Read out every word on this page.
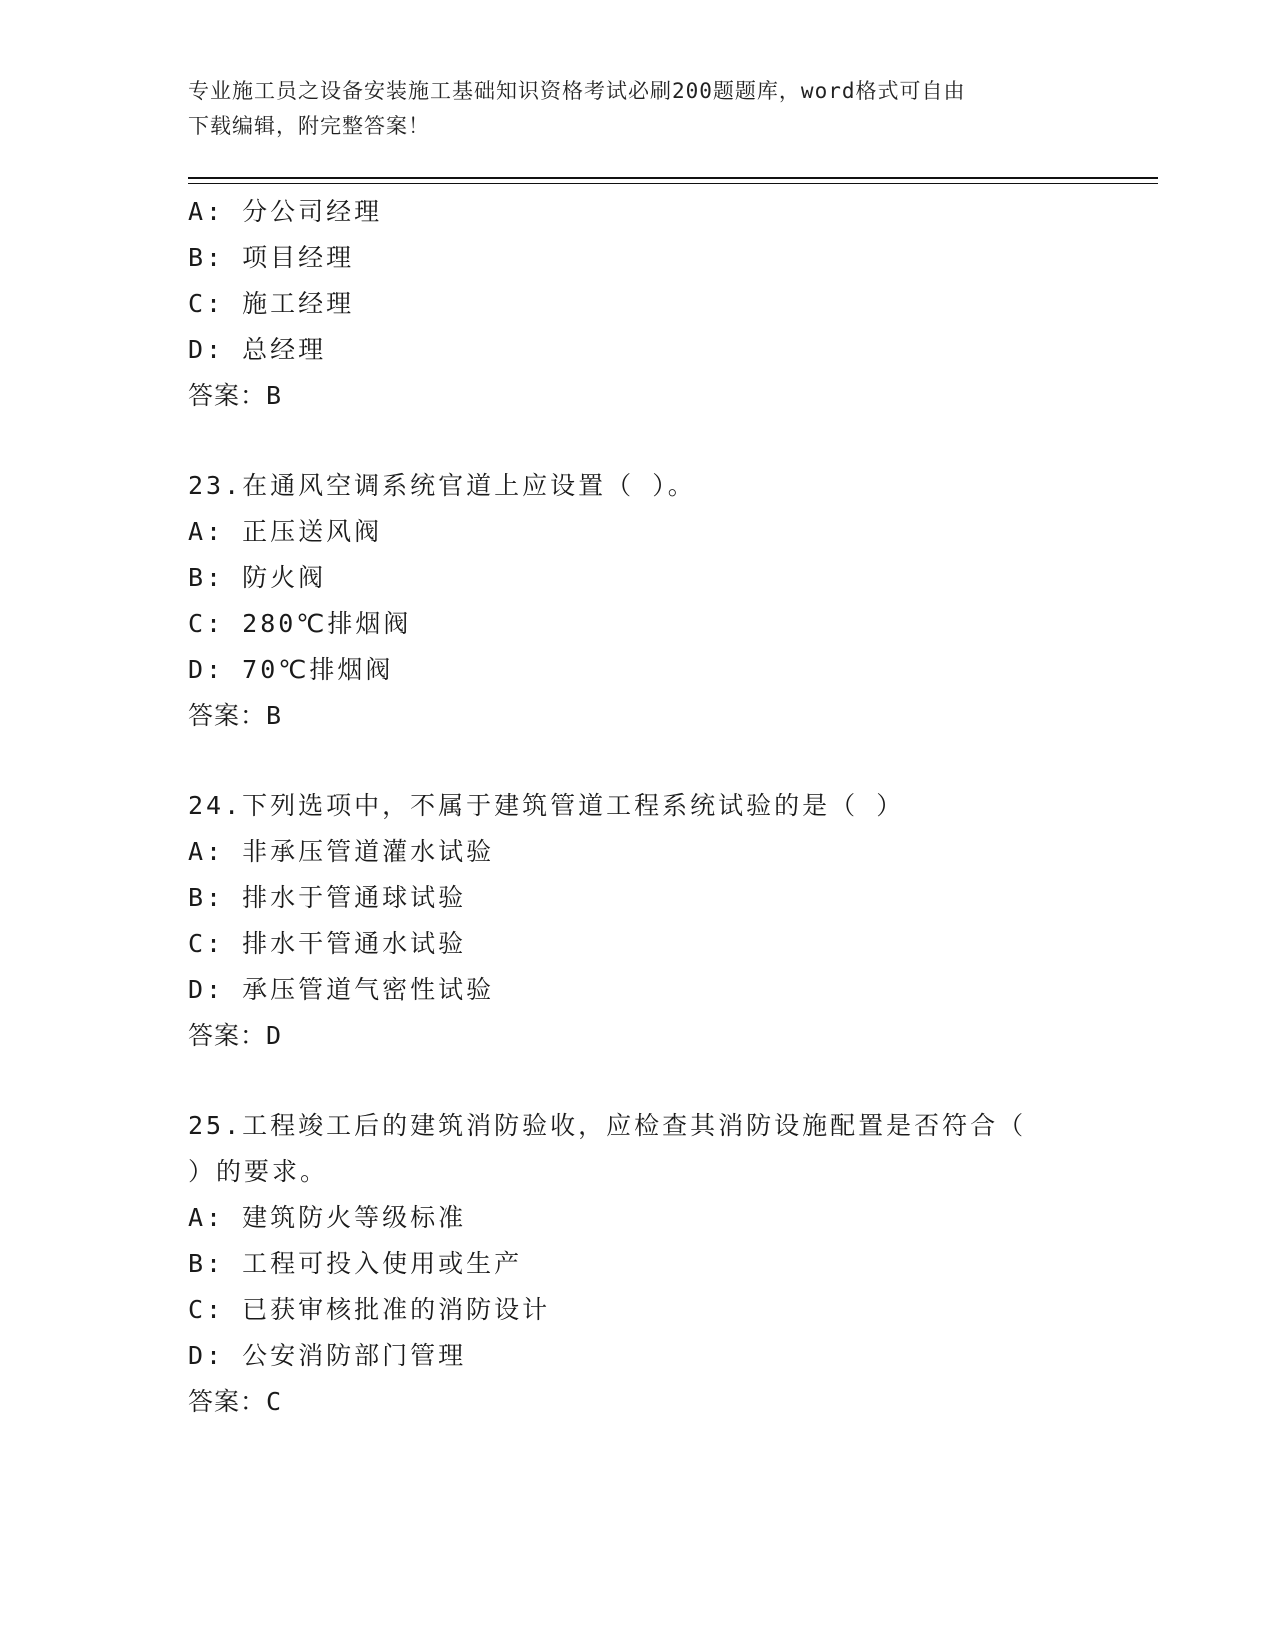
专业施工员之设备安装施工基础知识资格考试必刷200题题库，word格式可自由
下载编辑，附完整答案！
A: 分公司经理
B: 项目经理
C: 施工经理
D: 总经理
答案：B
23.在通风空调系统官道上应设置（ ）。
A: 正压送风阀
B: 防火阀
C: 280℃排烟阀
D: 70℃排烟阀
答案：B
24.下列选项中，不属于建筑管道工程系统试验的是（ ）
A: 非承压管道灌水试验
B: 排水于管通球试验
C: 排水干管通水试验
D: 承压管道气密性试验
答案：D
25.工程竣工后的建筑消防验收，应检查其消防设施配置是否符合（
）的要求。
A: 建筑防火等级标准
B: 工程可投入使用或生产
C: 已获审核批准的消防设计
D: 公安消防部门管理
答案：C
